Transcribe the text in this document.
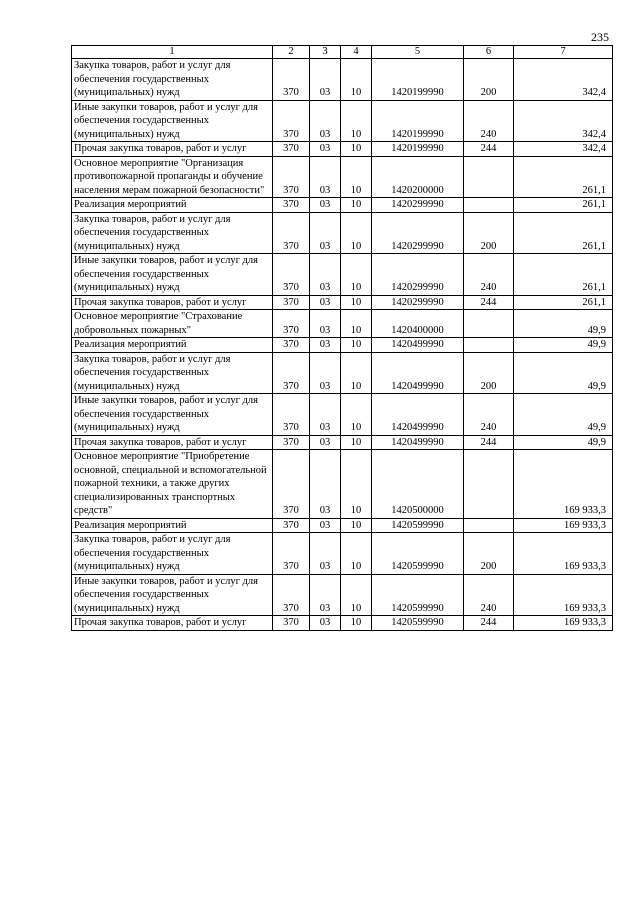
235
1	2	3	4	5	6	7
Закупка товаров, работ и услуг для обеспечения государственных (муниципальных) нужд	370	03	10	1420199990	200	342,4
Иные закупки товаров, работ и услуг для обеспечения государственных (муниципальных) нужд	370	03	10	1420199990	240	342,4
Прочая закупка товаров, работ и услуг	370	03	10	1420199990	244	342,4
Основное мероприятие "Организация противопожарной пропаганды и обучение населения мерам пожарной безопасности"	370	03	10	1420200000		261,1
Реализация мероприятий	370	03	10	1420299990		261,1
Закупка товаров, работ и услуг для обеспечения государственных (муниципальных) нужд	370	03	10	1420299990	200	261,1
Иные закупки товаров, работ и услуг для обеспечения государственных (муниципальных) нужд	370	03	10	1420299990	240	261,1
Прочая закупка товаров, работ и услуг	370	03	10	1420299990	244	261,1
Основное мероприятие "Страхование добровольных пожарных"	370	03	10	1420400000		49,9
Реализация мероприятий	370	03	10	1420499990		49,9
Закупка товаров, работ и услуг для обеспечения государственных (муниципальных) нужд	370	03	10	1420499990	200	49,9
Иные закупки товаров, работ и услуг для обеспечения государственных (муниципальных) нужд	370	03	10	1420499990	240	49,9
Прочая закупка товаров, работ и услуг	370	03	10	1420499990	244	49,9
Основное мероприятие "Приобретение основной, специальной и вспомогательной пожарной техники, а также других специализированных транспортных средств"	370	03	10	1420500000		169 933,3
Реализация мероприятий	370	03	10	1420599990		169 933,3
Закупка товаров, работ и услуг для обеспечения государственных (муниципальных) нужд	370	03	10	1420599990	200	169 933,3
Иные закупки товаров, работ и услуг для обеспечения государственных (муниципальных) нужд	370	03	10	1420599990	240	169 933,3
Прочая закупка товаров, работ и услуг	370	03	10	1420599990	244	169 933,3
